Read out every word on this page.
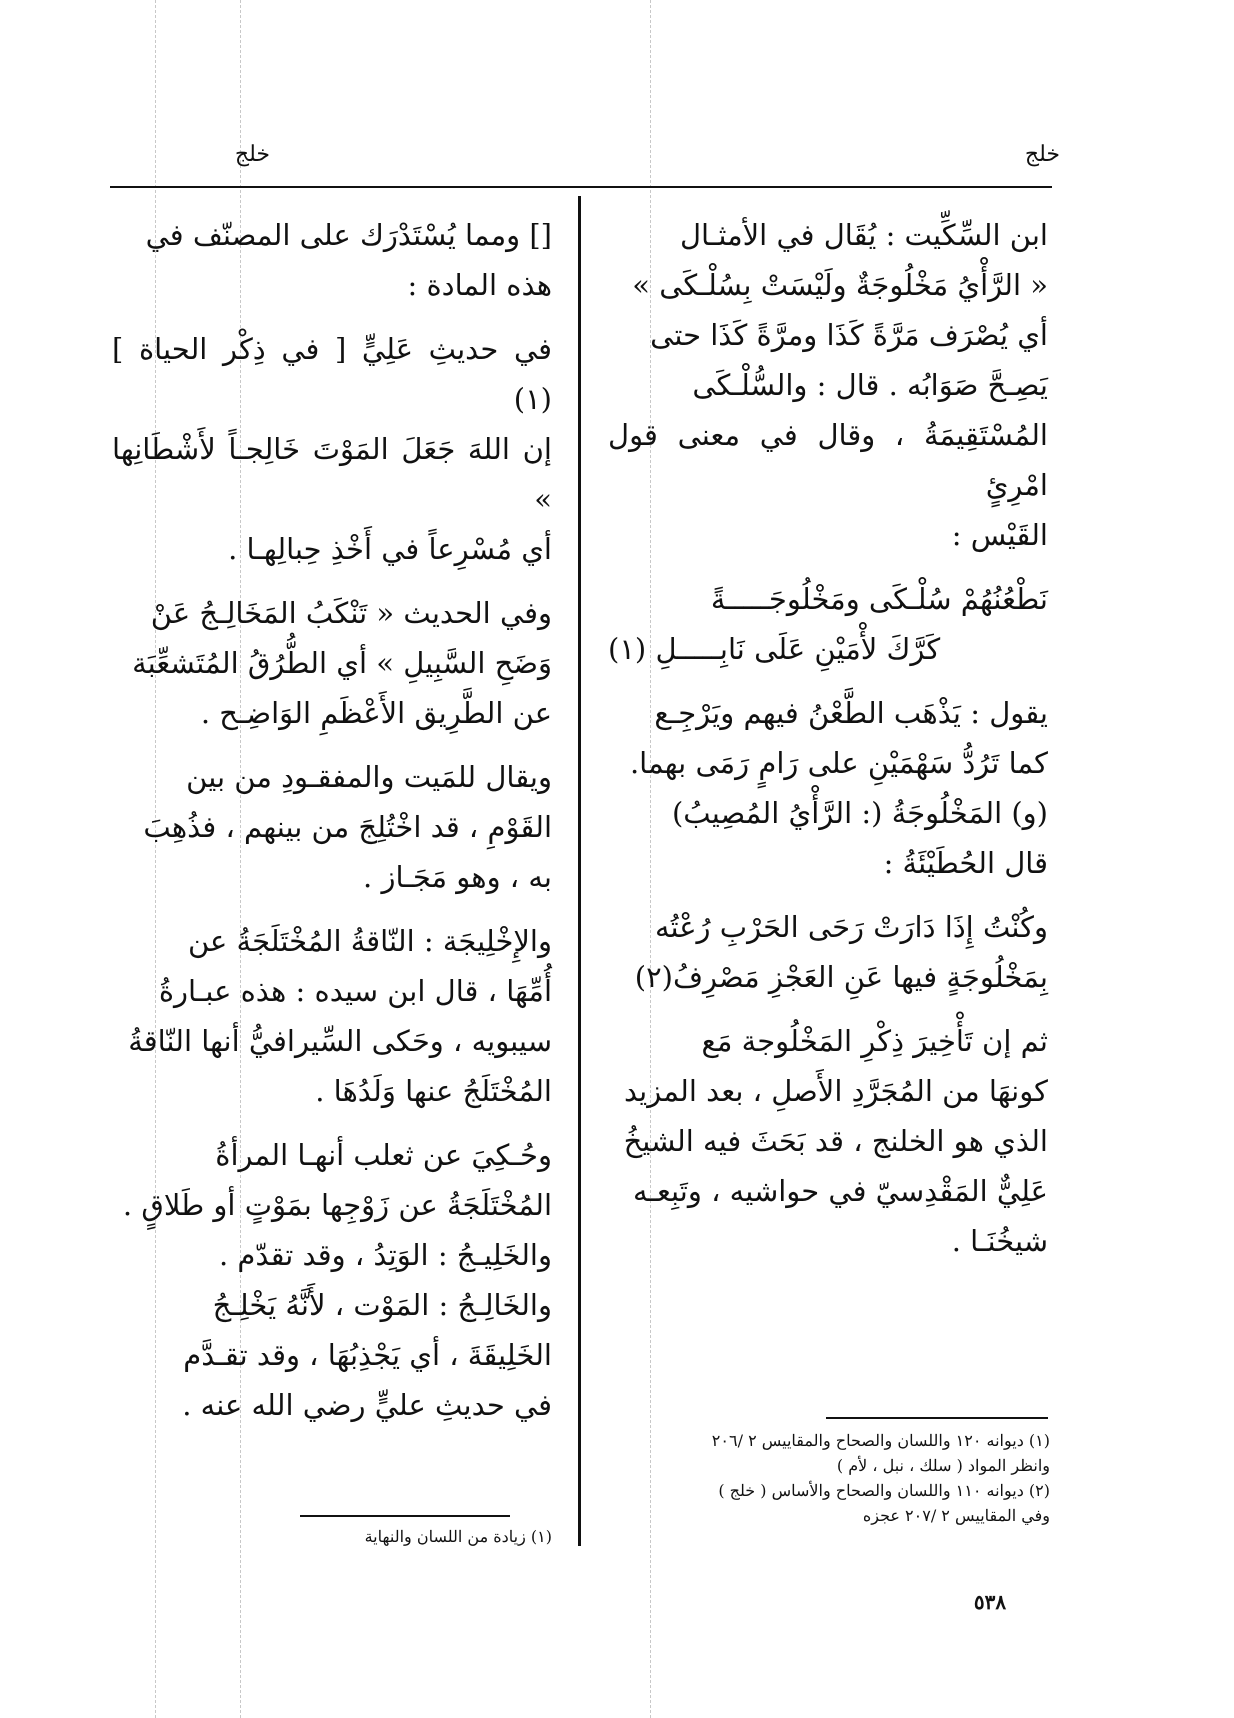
خلج
خلج

ابن السِّكِّيت : يُقَال في الأمثـال
« الرَّأْيُ مَخْلُوجَةٌ ولَيْسَتْ بِسُلْـكَى »
أي يُصْرَف مَرَّةً كَذَا ومرَّةً كَذَا حتى
يَصِـحَّ صَوَابُه . قال : والسُّلْـكَى
المُسْتَقِيمَةُ ، وقال في معنى قول امْرِئٍ
القَيْس :

نَطْعُنُهُمْ سُلْـكَى ومَخْلُوجَـــــةً
كَرَّكَ لأْمَيْنِ عَلَى نَابِـــــلِ (١)

يقول : يَذْهَب الطَّعْنُ فيهم ويَرْجِـع
كما تَرُدُّ سَهْمَيْنِ على رَامٍ رَمَى بهما.
(و) المَخْلُوجَةُ (: الرَّأْيُ المُصِيبُ)
قال الحُطَيْئَةُ :

وكُنْتُ إِذَا دَارَتْ رَحَى الحَرْبِ رُعْتُه
بِمَخْلُوجَةٍ فيها عَنِ العَجْزِ مَصْرِفُ(٢)

ثم إن تَأْخِيرَ ذِكْرِ المَخْلُوجة مَع
كونهَا من المُجَرَّدِ الأَصلِ ، بعد المزيد
الذي هو الخلنج ، قد بَحَثَ فيه الشيخُ
عَلِيٌّ المَقْدِسيّ في حواشيه ، وتَبِعـه
شيخُنَـا .

(١) ديوانه ١٢٠ واللسان والصحاح والمقاييس ٢ /٢٠٦
وانظر المواد ( سلك ، نبل ، لأم )
(٢) ديوانه ١١٠ واللسان والصحاح والأساس ( خلج )
وفي المقاييس ٢ /٢٠٧ عجزه

[] ومما يُسْتَدْرَك على المصنّف في
هذه المادة :

في حديثِ عَلِيٍّ [ في ذِكْر الحياة ] (١)
إن اللهَ جَعَلَ المَوْتَ خَالِجـاً لأَشْطَانِها »
أي مُسْرِعاً في أَخْذِ حِبالِهـا .

وفي الحديث « تَنْكَبُ المَخَالِـجُ عَنْ
وَضَحِ السَّبِيلِ » أي الطُّرُقُ المُتَشعِّبَة
عن الطَّرِيق الأَعْظَمِ الوَاضِـح .

ويقال للمَيت والمفقـودِ من بين
القَوْمِ ، قد اخْتُلِجَ من بينهم ، فذُهِبَ
به ، وهو مَجَـاز .

والإِخْلِيجَة : النّاقةُ المُخْتَلَجَةُ عن
أُمِّهَا ، قال ابن سيده : هذه عبـارةُ
سيبويه ، وحَكى السِّيرافيُّ أنها النّاقةُ
المُخْتَلَجُ عنها وَلَدُهَا .

وحُـكِيَ عن ثعلب أنهـا المرأةُ
المُخْتَلَجَةُ عن زَوْجِها بمَوْتٍ أو طَلاقٍ .
والخَلِيـجُ : الوَتِدُ ، وقد تقدّم .
والخَالِـجُ : المَوْت ، لأَنَّهُ يَخْلِـجُ
الخَلِيقَةَ ، أي يَجْذِبُهَا ، وقد تقـدَّم
في حديثِ عليٍّ رضي الله عنه .

(١) زيادة من اللسان والنهاية
٥٣٨
